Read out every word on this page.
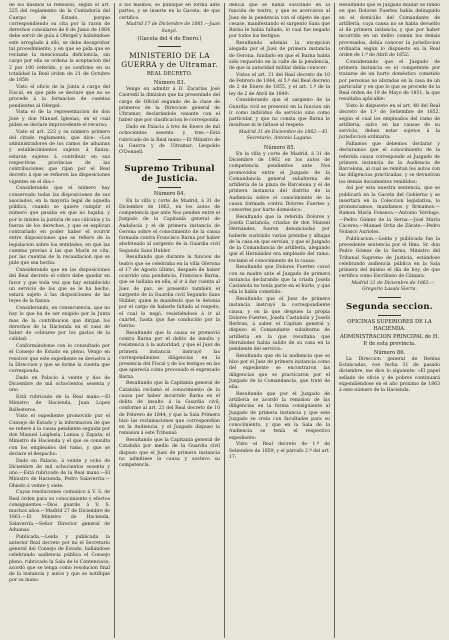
de los mismos la remision, segun el art. 225 del reglamento de la Contaduría del Cuerpo de Estado, porque correspondiendo su cita por la razon de derechos consulares de 8 de Junio de 1864 debe servir de guía á Ofergel y habiéndose este arreglado á ello, se debe desaprobar tal procedimiento, y en que se pida que se reclame la mencionada deficiencia, sin cargo por ella se ordena la aceptacion del 2 por 100 referido, y se confirme en su totalidad la Real órden de 21 de Octubre de 1858:

Visto el oficio de la Junta á cargo del Fiscal, en que pide se declare que no se procede á la formacion de cuentas pendientes al Ofergel:

Vista el de la representacion de don José y don Manuel Iglesias, en el cual piden se declare improcedente el recurso:

Visto el art. 223 y su número primero del citado reglamento, que dice: «Los administradores de los ramos de aduanas y establecimientos sujetos á fianza, estarán sujetos á contribuir en sus respectivas provincias de las contribuciones que rijan por el Real decreto á que se refieren las disposiciones vigentes en el dia:»

Considerando que el número hay conservado todas las disposiciones de sus asociados, en la mayoría legal de aquella pública, cuando se quiere cumplir el número que pasaba en que no bajaba, y por lo mismo la justicia de sus cálculos y la fuerza de los derechos, y que se explican contrariado en poder haber el ocurrir entre disposiciones que se refiere de la legislacion sobre los entidades, en que las cuentas previas á las que Marín se cita, por las cuentas de la recaudacion que se pide que sea hecha:

Considerando que en las disposiciones del Real decreto el cobro debe quedar en favor y que toda vez que hay establecido un servicio de los que se le ha hecho, estará sujeto á las disposiciones de las leyes de la fianza:

Considerando, en consecuencia, que no hay lo que ha de ser exigido por la Junta mas de la contribucion que dirijan los derechos de la Hacienda en el caso de haber de cobrarse por los gastos de la calidad:

Conformándome con lo consultado por el Consejo de Estado en pleno, Vengo en resolver que este expediente se devuelva á la Direccion y que se forme la cuenta que corresponda.

Dado en Palacio á veinte y dos de Diciembre de mil ochocientos sesenta y uno.

Está rubricado de la Real mano.—El Ministro de Hacienda, Juan Lopez Ballesteros.

Visto el expediente promovido por el Consejo de Estado y la informacion de que se refiere á la causa pendiente seguida por don Manuel Laiglesia, Lamas y Zapata; el Ministro de Hacienda y el que se consulta con los empleados del ramo, y que se declare el despacho:

Dado en Palacio, á veinte y ocho de Diciembre de mil ochocientos sesenta y uno.—Está rubricado de la Real mano.—El Ministro de Hacienda, Pedro Salaverría.—Obiedo á veinte y siete.

Cuyas resoluciones comunico á V. S. de Real órden para su conocimiento y efectos consiguientes.—Dios guarde á V. S. muchos años.—Madrid 27 de Diciembre de 1861.—El Ministro de Hacienda, Salaverría.—Señor Director general de Aduanas.

Publicada.—Leída y publicada la anterior Real decreto por mí el Secretario general del Consejo de Estado, hallándose celebrando audiencia pública el Consejo pleno, rubricado la Sala de lo Contencioso, acordó que se tenga como resolucion final de la instancia y autos y que se notifique por su mano.

á los mismos, se publique en forma ante partes, y se inserte en la Gaceta, de que certifico.

Madrid 17 de Diciembre de 1861.—Juan Sunyé.

(Gaceta del 4 de Enero.)
MINISTERIO DE LA GUERRA y de Ultramar.
REAL DECRETO.
Número 83.

Vengo en admitir á D. Zacarías José Caoredil la dimision que ha presentado del cargo de Oficial segundo de la clase de primeros de la Direccion general de Ultramar, declarándole cesante con el haber que por clasificacion le corresponda.

Dado en Palacio á tres de Enero de mil ochocientos sesenta y tres.—Está rubricado de la Real mano.—El Ministro de la Guerra y de Ultramar, Leopoldo O'Donnell.

Supremo Tribunal de Justicia.
Número 84.

En la villa y corte de Madrid, á 31 de Diciembre de 1862, en los autos de competencia que ante Nos penden entre el Juzgado de la Capitanía general de Andalucía y el de primera instancia de Gerona sobre el conocimiento de la causa formada contra Francisco Barna por haber abofeteado al sargento de la Guardia civil Segundo Sans Hubler.

Resultando que durante la funcion de teatro que se celebraba en la villa Olerona el 17 de Agosto último, después de haber ocurrido una pendencia, Francisco Barna, que se hallaba en ella, al ir á dar cuenta al Juez de paz, se presentó también el sargento de la Guardia civil Segundo Sans Hubler, quien le manifestó que le detenia por el cargo de haberle faltado al respeto, el cual lo negó, resistiéndose á ir al cuartel, hasta que fue conducido por la fuerza:

Resultando que la causa se promovió contra Barna por el delito de insulto y resistencia á la autoridad, y que el Juez de primera instancia instruyó las correspondientes diligencias en la presencia del Fiscal y de los testigos en las que aparecía como procesado el expresado Barna.

Resultando que la Capitanía general de Cataluña reclamó el conocimiento de la causa por haber incurrido Barna en el delito de insulto á la Guardia civil, conforme al art. 21 del Real decreto de 10 de Febrero de 1844, y que la Sala Primera hizo las reclamaciones que correspondían en la Audiencia, y el Juzgado dispuso la remision á este Tribunal:

Resultando que la Capitanía general de Cataluña por medio de la Guardia civil dispuso que el Juez de primera instancia no admitiese la causa y sostuvo su competencia.

dencia que se había suscitado en la función de teatro, y que se acercaron al Juez de la pendencia con el objeto de que cesase, manifestando el sargento Sans que Barna le había faltado, lo cual fue negado por todos los testigos:

Resultando además la excepcion alegada por el Juez de primera instancia de Gerona, fundado en que el Barna había sido requerido en la calle de la pendencia, de que la autoridad militar debía conocer:

Vistos el art. 21 del Real decreto de 10 de Febrero de 1844, el 5.º del Real decreto de 2 de Enero de 1855, y el art. 1.º de la ley de 2 de Abril de 1849:

Considerando que el sargento de la Guardia civil se presentó en la funcion sin ir como individuo de servicio sino como particular, y que no consta que Barna le insultase ni le faltase al respeto:

Madrid 31 de Diciembre de 1862.—El Secretario, Antonio Laguna.

Número 85.

En la villa y corte de Madrid, á 31 de Diciembre de 1862 en los autos de competencia pendientes ante Nos promovidos entre el Juzgado de la Comandancia general subalterna de artillería de la plaza de Barcelona y el de primera instancia del distrito de la Audiencia sobre el conocimiento de la causa formada contra Dolores Fuertes y consortes por hurto doméstico:

Resultando que la referida Dolores y Josefa Castañola, criadas de don Manuel Hernández, fueron denunciadas por haberle sustraído varias prendas y alhajas de la casa en que servían, y que el Juzgado de la Comandancia de artillería, alegando que el Hernández era empleado del ramo, reclamó el conocimiento de la causa:

Resultando que Dolores Fuertes cursó con su madre ante el Juzgado de primera instancia declarando que la criada Josefa Castañola no tenía parte en el hurto, y que ella lo había cometido:

Resultando que el Juez de primera instancia instruyó la correspondiente causa, y en la que después la propia Dolores Fuertes, Josefa Castañola y Josefa Bertran, á saber el Capitan general y dispuso el Comandante subalterno de artillería en la que resultaba que Hernández había salido de su casa en la pendiente del servicio:

Resultando que de la audiencia que se hizo por el Juez de primera instancia como del expediente se encontraron las diligencias que se practicaron por el Juzgado de la Comandancia, que trató de ella:

Resultando que por el Juzgado de artillería se acordó la remision de las diligencias en la forma consiguiente al Juzgado de primera instancia y que este Juzgado se creía con facultades para su conocimiento, y que en la Sala de la Audiencia se tenía el respectivo expediente:

Visto el Real decreto de 1.º de Setiembre de 1859, y el párrafo 2.º del art. 17:

Resultando que el Juzgado militar se fundó en que Dolores Fuertes había delinquido en el domicilio del Comandante de artillería, cuya causa no se había devuelto al de primera instancia, y que por haber incurrido en un delito común los demás procesados, debía conocer la jurisdiccion ordinaria según lo dispuesto en la Real órden de 1.º de Abril de 1852:

Considerando que el Juzgado de primera instancia es el competente por tratarse de un hurto doméstico cometido por personas no aforadas en la casa de un particular y en que lo que se procede de la Real órden de 19 de Mayo de 1851, la que resultaba aplicable:

Visto lo dispuesto en el art. 48 del Real decreto de 1.º de Setiembre de 1852, según el cual los empleados del ramo de artillería, salvo en las causas de su servicio, deben estar sujetos á la jurisdiccion ordinaria:

Fallamos que debemos declarar y declaramos que el conocimiento de la referida causa corresponde al Juzgado de primera instancia de la Audiencia de Barcelona, al cual se remitan los autos con las diligencias practicadas, y se devuelvan los demás documentos remitidos:

Así por esta nuestra sentencia, que se publicará en la Gaceta del Gobierno y se insertará en la Coleccion legislativa, lo pronunciamos, mandamos y firmamos.—Ramon María Fonseca.—Antonio Verdugo.—Pedro Gómez de la Serna.—José María Cáceres.—Manuel Ortiz de Zárate.—Pedro Nolasco Aurioles.

Publicacion.—Leída y publicada fue la precedente sentencia por el Ilmo. Sr. don Pedro Gómez de la Serna, Ministro del Tribunal Supremo de Justicia, estándose celebrando audiencia pública en la Sala primera del mismo el día de hoy, de que certifico como Escribano de Cámara.

Madrid 31 de Diciembre de 1862.—Gregorio Lasala Sierra.

Segunda seccion.
OFICINAS SUPERIORES DE LA HACIENDA.
ADMINISTRACION PRINCIPAL de H. P. de esta provincia.
Número 86.

La Direccion general de Rentas Estancadas, con fecha 31 de pasado diciembre, me dice lo siguiente: «El papel sellado de oficio y de pobres continuará expendiéndose en el año próximo de 1863 á este número de la Hacienda.
